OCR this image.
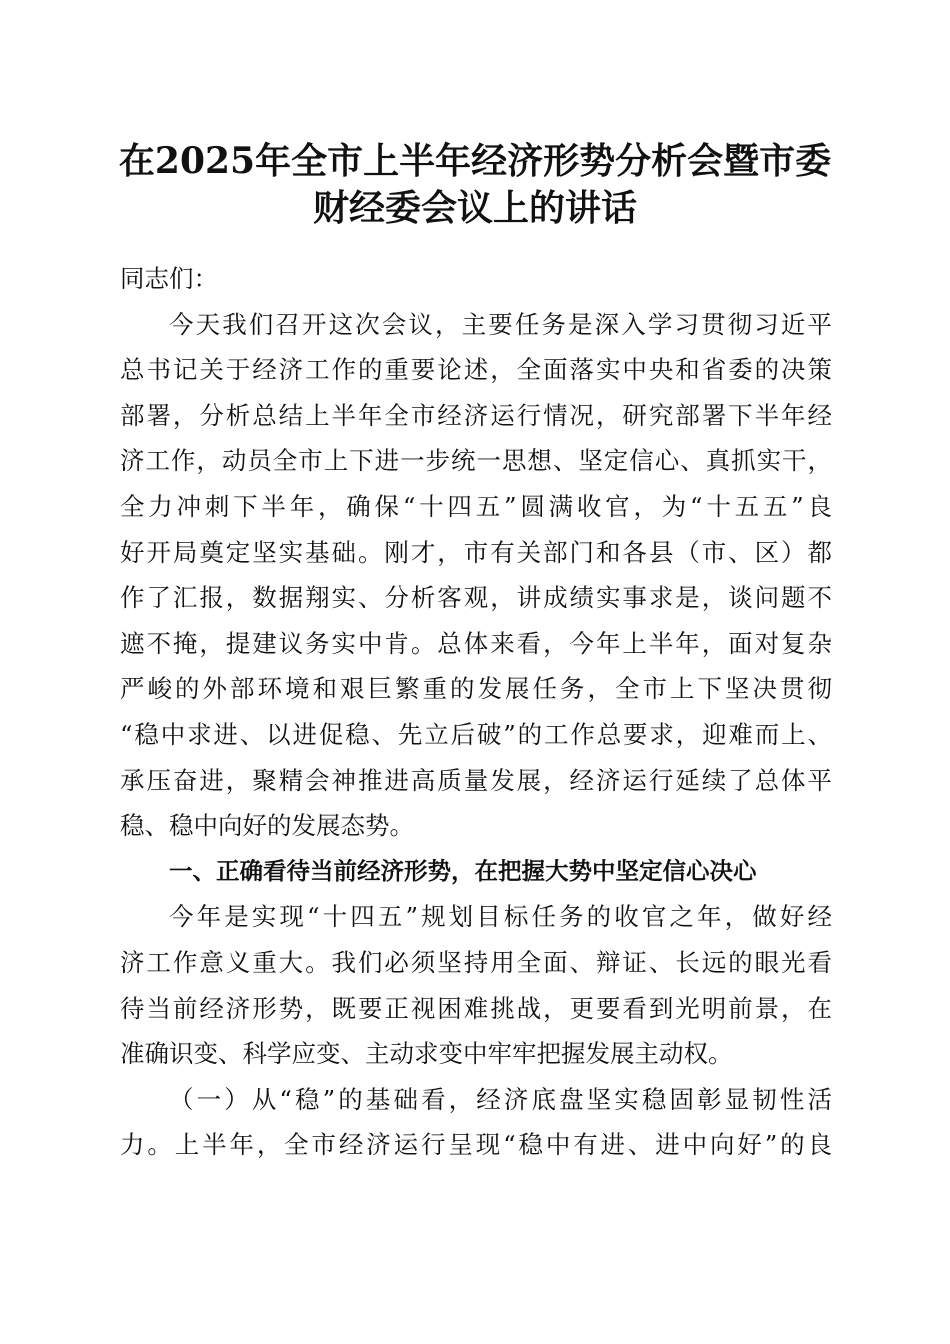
在2025年全市上半年经济形势分析会暨市委
财经委会议上的讲话
同志们：
今天我们召开这次会议，主要任务是深入学习贯彻习近平
总书记关于经济工作的重要论述，全面落实中央和省委的决策
部署，分析总结上半年全市经济运行情况，研究部署下半年经
济工作，动员全市上下进一步统一思想、坚定信心、真抓实干，
全力冲刺下半年，确保“十四五”圆满收官，为“十五五”良
好开局奠定坚实基础。刚才，市有关部门和各县（市、区）都
作了汇报，数据翔实、分析客观，讲成绩实事求是，谈问题不
遮不掩，提建议务实中肯。总体来看，今年上半年，面对复杂
严峻的外部环境和艰巨繁重的发展任务，全市上下坚决贯彻
“稳中求进、以进促稳、先立后破”的工作总要求，迎难而上、
承压奋进，聚精会神推进高质量发展，经济运行延续了总体平
稳、稳中向好的发展态势。
一、正确看待当前经济形势，在把握大势中坚定信心决心
今年是实现“十四五”规划目标任务的收官之年，做好经
济工作意义重大。我们必须坚持用全面、辩证、长远的眼光看
待当前经济形势，既要正视困难挑战，更要看到光明前景，在
准确识变、科学应变、主动求变中牢牢把握发展主动权。
（一）从“稳”的基础看，经济底盘坚实稳固彰显韧性活
力。上半年，全市经济运行呈现“稳中有进、进中向好”的良
